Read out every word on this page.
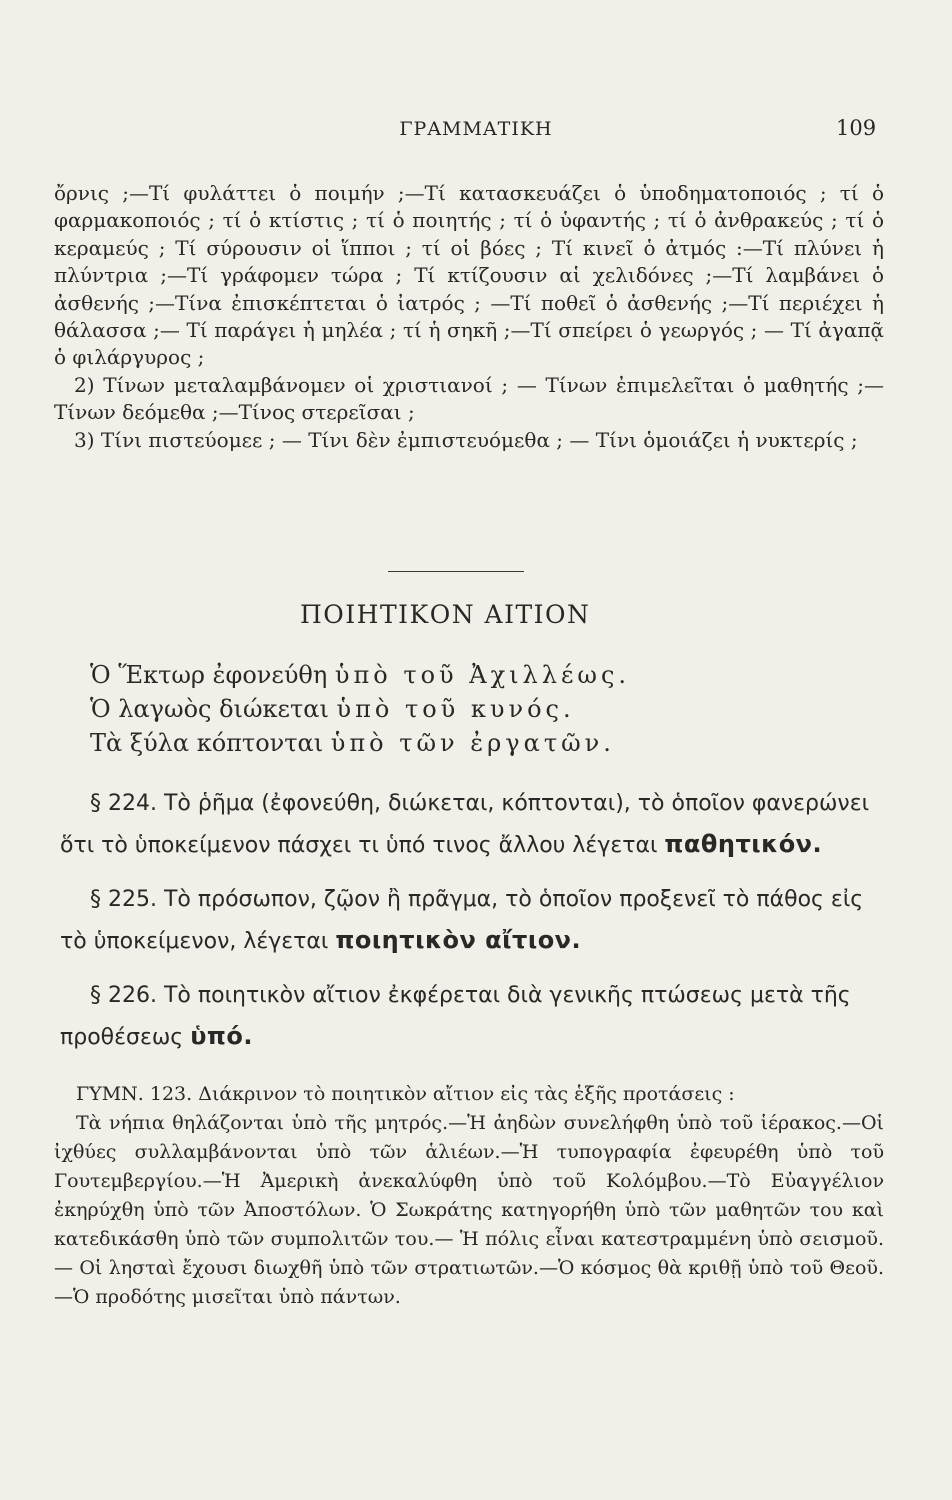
ΓΡΑΜΜΑΤΙΚΗ	109

ὄρνις ;—Τί φυλάττει ὁ ποιμήν ;—Τί κατασκευάζει ὁ ὑποδηματοποιός ; τί ὁ φαρμακοποιός ; τί ὁ κτίστις ; τί ὁ ποιητής ; τί ὁ ὑφαντής ; τί ὁ ἀνθρακεύς ; τί ὁ κεραμεύς ; Τί σύρουσιν οἱ ἵπποι ; τί οἱ βόες ; Τί κινεῖ ὁ ἀτμός :—Τί πλύνει ἡ πλύντρια ;—Τί γράφομεν τώρα ; Τί κτίζουσιν αἱ χελιδόνες ;—Τί λαμβάνει ὁ ἀσθενής ;—Τίνα ἐπισκέπτεται ὁ ἰατρός ; —Τί ποθεῖ ὁ ἀσθενής ;—Τί περιέχει ἡ θάλασσα ;— Τί παράγει ἡ μηλέα ; τί ἡ σηκῆ ;—Τί σπείρει ὁ γεωργός ; — Τί ἀγαπᾷ ὁ φιλάργυρος ;

2) Τίνων μεταλαμβάνομεν οἱ χριστιανοί ; — Τίνων ἐπιμελεῖται ὁ μαθητής ;—Τίνων δεόμεθα ;—Τίνος στερεῖσαι ;

3) Τίνι πιστεύομεε ; — Τίνι δὲν ἐμπιστευόμεθα ; — Τίνι ὁμοιάζει ἡ νυκτερίς ;

ΠΟΙΗΤΙΚΟΝ ΑΙΤΙΟΝ

Ὁ Ἕκτωρ ἐφονεύθη ὑπὸ τοῦ Ἀχιλλέως.

Ὁ λαγωὸς διώκεται ὑπὸ τοῦ κυνός.

Τὰ ξύλα κόπτονται ὑπὸ τῶν ἐργατῶν.

§ 224. Τὸ ῥῆμα (ἐφονεύθη, διώκεται, κόπτονται), τὸ ὁποῖον φανερώνει ὅτι τὸ ὑποκείμενον πάσχει τι ὑπό τινος ἄλλου λέγεται παθητικόν.

§ 225. Τὸ πρόσωπον, ζῷον ἢ πρᾶγμα, τὸ ὁποῖον προξενεῖ τὸ πάθος εἰς τὸ ὑποκείμενον, λέγεται ποιητικὸν αἴτιον.

§ 226. Τὸ ποιητικὸν αἴτιον ἐκφέρεται διὰ γενικῆς πτώσεως μετὰ τῆς προθέσεως ὑπό.

ΓΥΜΝ. 123. Διάκρινον τὸ ποιητικὸν αἴτιον εἰς τὰς ἑξῆς προτάσεις :

Τὰ νήπια θηλάζονται ὑπὸ τῆς μητρός.—Ἡ ἀηδὼν συνελήφθη ὑπὸ τοῦ ἱέρακος.—Οἱ ἰχθύες συλλαμβάνονται ὑπὸ τῶν ἁλιέων.—Ἡ τυπογραφία ἐφευρέθη ὑπὸ τοῦ Γουτεμβεργίου.—Ἡ Ἀμερικὴ ἀνεκαλύφθη ὑπὸ τοῦ Κολόμβου.—Τὸ Εὐαγγέλιον ἐκηρύχθη ὑπὸ τῶν Ἀποστόλων. Ὁ Σωκράτης κατηγορήθη ὑπὸ τῶν μαθητῶν του καὶ κατεδικάσθη ὑπὸ τῶν συμπολιτῶν του.— Ἡ πόλις εἶναι κατεστραμμένη ὑπὸ σεισμοῦ.— Οἱ λησταὶ ἔχουσι διωχθῆ ὑπὸ τῶν στρατιωτῶν.—Ὁ κόσμος θὰ κριθῇ ὑπὸ τοῦ Θεοῦ.—Ὁ προδότης μισεῖται ὑπὸ πάντων.
